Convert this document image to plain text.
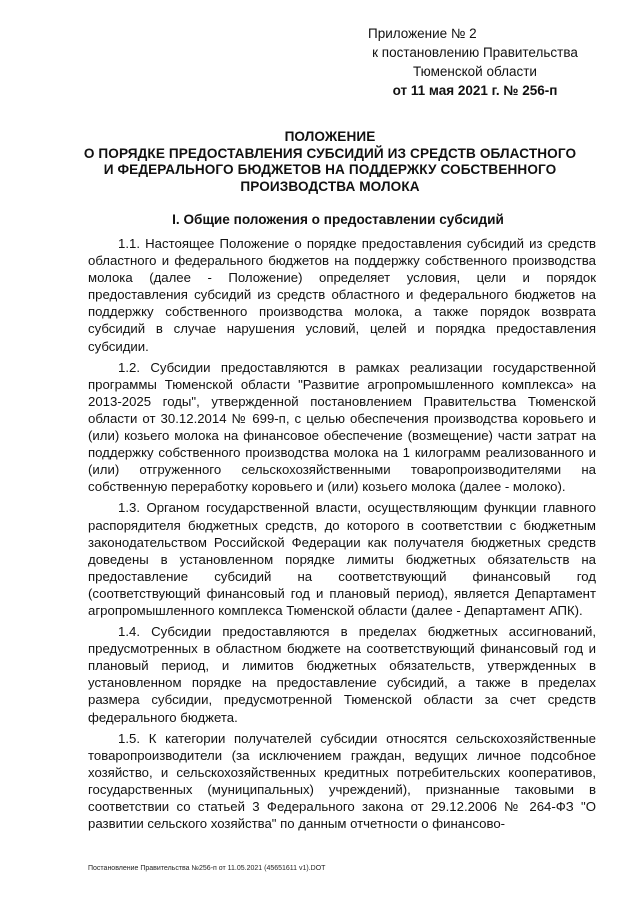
Приложение № 2
к постановлению Правительства
Тюменской области
от 11 мая 2021 г. № 256-п
ПОЛОЖЕНИЕ
О ПОРЯДКЕ ПРЕДОСТАВЛЕНИЯ СУБСИДИЙ ИЗ СРЕДСТВ ОБЛАСТНОГО
И ФЕДЕРАЛЬНОГО БЮДЖЕТОВ НА ПОДДЕРЖКУ СОБСТВЕННОГО
ПРОИЗВОДСТВА МОЛОКА
I. Общие положения о предоставлении субсидий

1.1. Настоящее Положение о порядке предоставления субсидий из средств областного и федерального бюджетов на поддержку собственного производства молока (далее - Положение) определяет условия, цели и порядок предоставления субсидий из средств областного и федерального бюджетов на поддержку собственного производства молока, а также порядок возврата субсидий в случае нарушения условий, целей и порядка предоставления субсидии.

1.2. Субсидии предоставляются в рамках реализации государственной программы Тюменской области "Развитие агропромышленного комплекса» на 2013-2025 годы", утвержденной постановлением Правительства Тюменской области от 30.12.2014 № 699-п, с целью обеспечения производства коровьего и (или) козьего молока на финансовое обеспечение (возмещение) части затрат на поддержку собственного производства молока на 1 килограмм реализованного и (или) отгруженного сельскохозяйственными товаропроизводителями на собственную переработку коровьего и (или) козьего молока (далее - молоко).

1.3. Органом государственной власти, осуществляющим функции главного распорядителя бюджетных средств, до которого в соответствии с бюджетным законодательством Российской Федерации как получателя бюджетных средств доведены в установленном порядке лимиты бюджетных обязательств на предоставление субсидий на соответствующий финансовый год (соответствующий финансовый год и плановый период), является Департамент агропромышленного комплекса Тюменской области (далее - Департамент АПК).

1.4. Субсидии предоставляются в пределах бюджетных ассигнований, предусмотренных в областном бюджете на соответствующий финансовый год и плановый период, и лимитов бюджетных обязательств, утвержденных в установленном порядке на предоставление субсидий, а также в пределах размера субсидии, предусмотренной Тюменской области за счет средств федерального бюджета.

1.5. К категории получателей субсидии относятся сельскохозяйственные товаропроизводители (за исключением граждан, ведущих личное подсобное хозяйство, и сельскохозяйственных кредитных потребительских кооперативов, государственных (муниципальных) учреждений), признанные таковыми в соответствии со статьей 3 Федерального закона от 29.12.2006 № 264-ФЗ "О развитии сельского хозяйства" по данным отчетности о финансово-

Постановление Правительства №256-п от 11.05.2021 (45651611 v1).DOT
